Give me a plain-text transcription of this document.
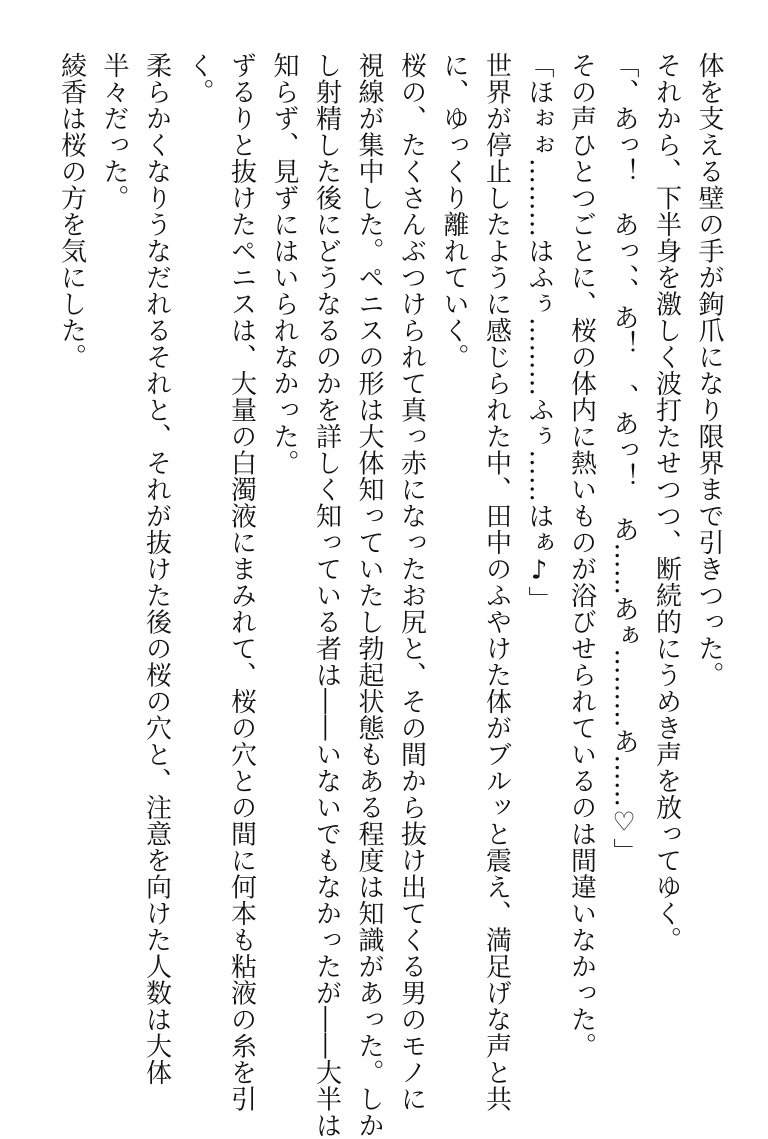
体を支える壁の手が鉤爪になり限界まで引きつった。
それから、下半身を激しく波打たせつつ、断続的にうめき声を放ってゆく。
「、あっ！　あっ、、あ！　、あっ！　あ……あぁ………あ……♡」
その声ひとつごとに、桜の体内に熱いものが浴びせられているのは間違いなかった。
「ほぉぉ………はふぅ………ふぅ……はぁ♪」
世界が停止したように感じられた中、田中のふやけた体がブルッと震え、満足げな声と共
に、ゆっくり離れていく。
桜の、たくさんぶつけられて真っ赤になったお尻と、その間から抜け出てくる男のモノに
視線が集中した。ペニスの形は大体知っていたし勃起状態もある程度は知識があった。しか
し射精した後にどうなるのかを詳しく知っている者は――いないでもなかったが――大半は
知らず、見ずにはいられなかった。
ずるりと抜けたペニスは、大量の白濁液にまみれて、桜の穴との間に何本も粘液の糸を引
く。
柔らかくなりうなだれるそれと、それが抜けた後の桜の穴と、注意を向けた人数は大体
半々だった。
綾香は桜の方を気にした。
